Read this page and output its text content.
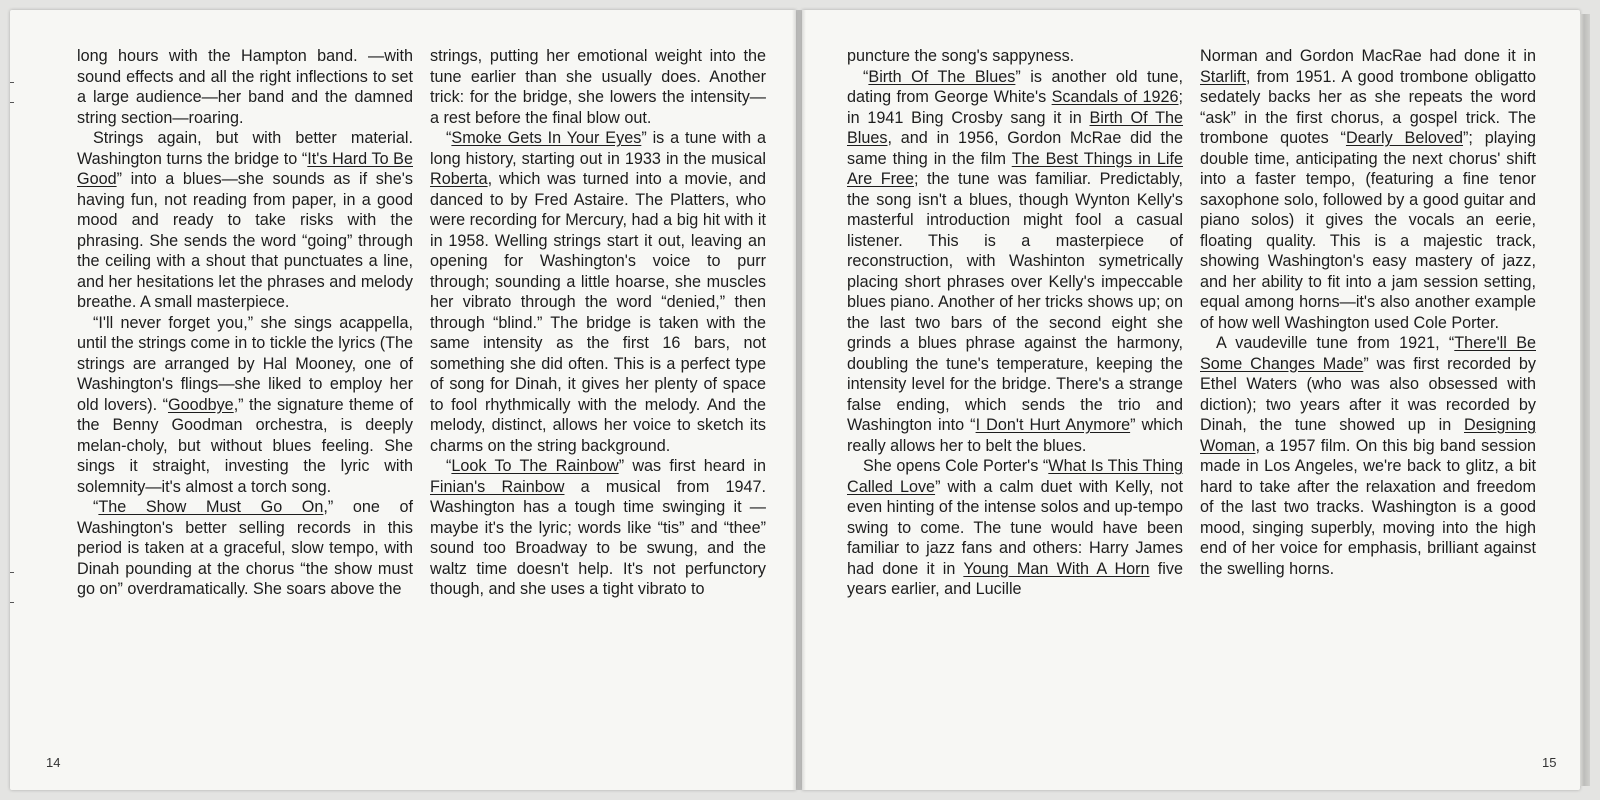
long hours with the Hampton band. —with sound effects and all the right inflections to set a large audience—her band and the damned string section—roaring.

Strings again, but with better material. Washington turns the bridge to “It's Hard To Be Good” into a blues—she sounds as if she's having fun, not reading from paper, in a good mood and ready to take risks with the phrasing. She sends the word “going” through the ceiling with a shout that punctuates a line, and her hesitations let the phrases and melody breathe. A small masterpiece.

“I'll never forget you,” she sings acappella, until the strings come in to tickle the lyrics (The strings are arranged by Hal Mooney, one of Washington's flings—she liked to employ her old lovers). “Goodbye,” the signature theme of the Benny Goodman orchestra, is deeply melan-choly, but without blues feeling. She sings it straight, investing the lyric with solemnity—it's almost a torch song.

“The Show Must Go On,” one of Washington's better selling records in this period is taken at a graceful, slow tempo, with Dinah pounding at the chorus “the show must go on” overdramatically. She soars above the

strings, putting her emotional weight into the tune earlier than she usually does. Another trick: for the bridge, she lowers the intensity—a rest before the final blow out.

“Smoke Gets In Your Eyes” is a tune with a long history, starting out in 1933 in the musical Roberta, which was turned into a movie, and danced to by Fred Astaire. The Platters, who were recording for Mercury, had a big hit with it in 1958. Welling strings start it out, leaving an opening for Washington's voice to purr through; sounding a little hoarse, she muscles her vibrato through the word “denied,” then through “blind.” The bridge is taken with the same intensity as the first 16 bars, not something she did often. This is a perfect type of song for Dinah, it gives her plenty of space to fool rhythmically with the melody. And the melody, distinct, allows her voice to sketch its charms on the string background.

“Look To The Rainbow” was first heard in Finian's Rainbow a musical from 1947. Washington has a tough time swinging it —maybe it's the lyric; words like “tis” and “thee” sound too Broadway to be swung, and the waltz time doesn't help. It's not perfunctory though, and she uses a tight vibrato to

puncture the song's sappyness.

“Birth Of The Blues” is another old tune, dating from George White's Scandals of 1926; in 1941 Bing Crosby sang it in Birth Of The Blues, and in 1956, Gordon McRae did the same thing in the film The Best Things in Life Are Free; the tune was familiar. Predictably, the song isn't a blues, though Wynton Kelly's masterful introduction might fool a casual listener. This is a masterpiece of reconstruction, with Washinton symetrically placing short phrases over Kelly's impeccable blues piano. Another of her tricks shows up; on the last two bars of the second eight she grinds a blues phrase against the harmony, doubling the tune's temperature, keeping the intensity level for the bridge. There's a strange false ending, which sends the trio and Washington into “I Don't Hurt Anymore” which really allows her to belt the blues.

She opens Cole Porter's “What Is This Thing Called Love” with a calm duet with Kelly, not even hinting of the intense solos and up-tempo swing to come. The tune would have been familiar to jazz fans and others: Harry James had done it in Young Man With A Horn five years earlier, and Lucille

Norman and Gordon MacRae had done it in Starlift, from 1951. A good trombone obligatto sedately backs her as she repeats the word “ask” in the first chorus, a gospel trick. The trombone quotes “Dearly Beloved”; playing double time, anticipating the next chorus' shift into a faster tempo, (featuring a fine tenor saxophone solo, followed by a good guitar and piano solos) it gives the vocals an eerie, floating quality. This is a majestic track, showing Washington's easy mastery of jazz, and her ability to fit into a jam session setting, equal among horns—it's also another example of how well Washington used Cole Porter.

A vaudeville tune from 1921, “There'll Be Some Changes Made” was first recorded by Ethel Waters (who was also obsessed with diction); two years after it was recorded by Dinah, the tune showed up in Designing Woman, a 1957 film. On this big band session made in Los Angeles, we're back to glitz, a bit hard to take after the relaxation and freedom of the last two tracks. Washington is a good mood, singing superbly, moving into the high end of her voice for emphasis, brilliant against the swelling horns.

14	15
